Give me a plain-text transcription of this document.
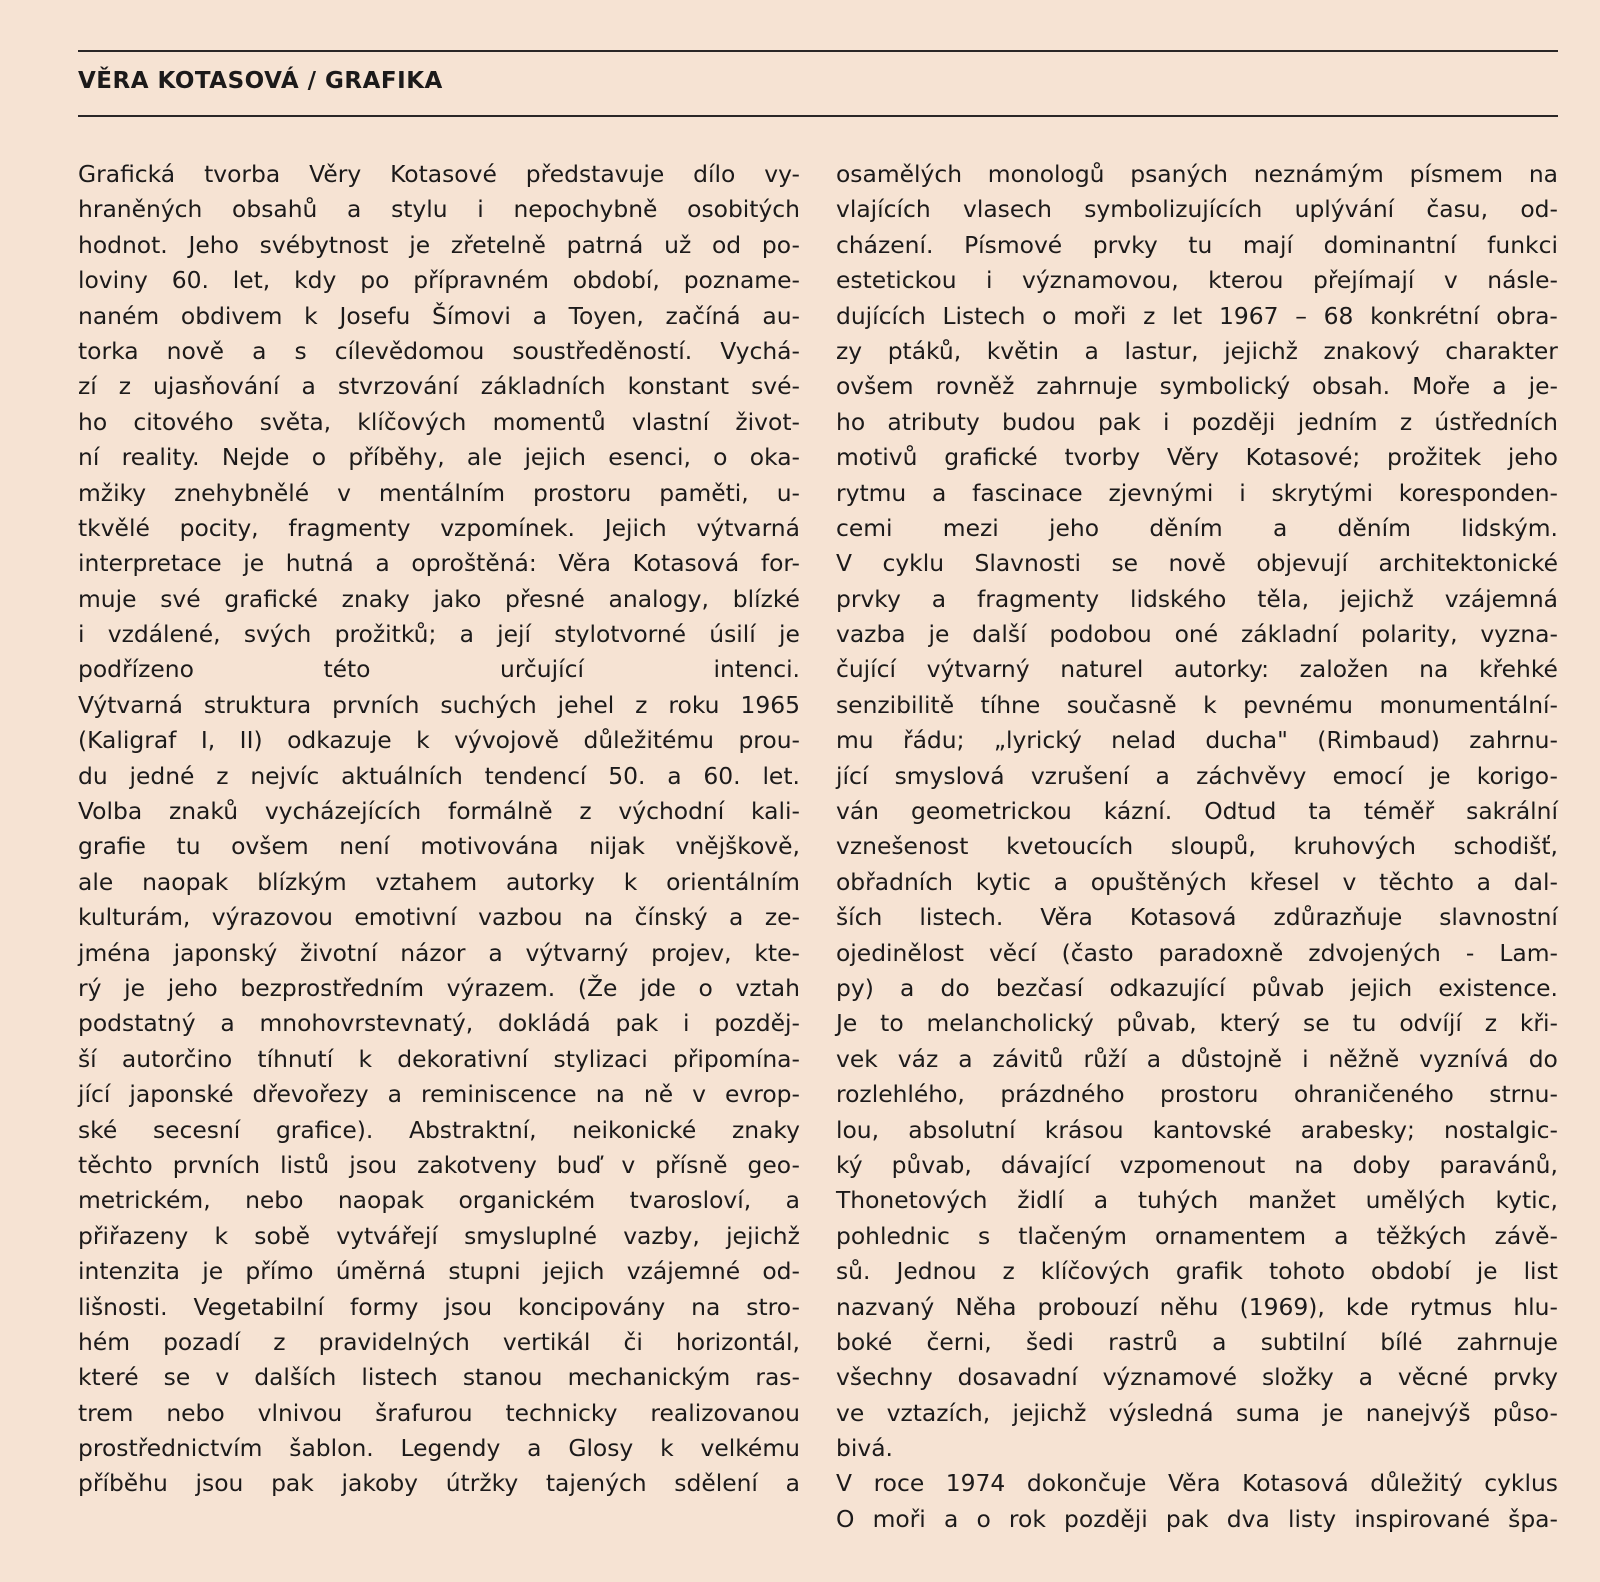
VĚRA KOTASOVÁ / GRAFIKA
Grafická tvorba Věry Kotasové představuje dílo vy-
hraněných obsahů a stylu i nepochybně osobitých
hodnot. Jeho svébytnost je zřetelně patrná už od po-
loviny 60. let, kdy po přípravném období, pozname-
naném obdivem k Josefu Šímovi a Toyen, začíná au-
torka nově a s cílevědomou soustředěností. Vychá-
zí z ujasňování a stvrzování základních konstant své-
ho citového světa, klíčových momentů vlastní život-
ní reality. Nejde o příběhy, ale jejich esenci, o oka-
mžiky znehybnělé v mentálním prostoru paměti, u-
tkvělé pocity, fragmenty vzpomínek. Jejich výtvarná
interpretace je hutná a oproštěná: Věra Kotasová for-
muje své grafické znaky jako přesné analogy, blízké
i vzdálené, svých prožitků; a její stylotvorné úsilí je
podřízeno této určující intenci.
Výtvarná struktura prvních suchých jehel z roku 1965
(Kaligraf I, II) odkazuje k vývojově důležitému prou-
du jedné z nejvíc aktuálních tendencí 50. a 60. let.
Volba znaků vycházejících formálně z východní kali-
grafie tu ovšem není motivována nijak vnějškově,
ale naopak blízkým vztahem autorky k orientálním
kulturám, výrazovou emotivní vazbou na čínský a ze-
jména japonský životní názor a výtvarný projev, kte-
rý je jeho bezprostředním výrazem. (Že jde o vztah
podstatný a mnohovrstevnatý, dokládá pak i pozděj-
ší autorčino tíhnutí k dekorativní stylizaci připomína-
jící japonské dřevořezy a reminiscence na ně v evrop-
ské secesní grafice). Abstraktní, neikonické znaky
těchto prvních listů jsou zakotveny buď v přísně geo-
metrickém, nebo naopak organickém tvarosloví, a
přiřazeny k sobě vytvářejí smysluplné vazby, jejichž
intenzita je přímo úměrná stupni jejich vzájemné od-
lišnosti. Vegetabilní formy jsou koncipovány na stro-
hém pozadí z pravidelných vertikál či horizontál,
které se v dalších listech stanou mechanickým ras-
trem nebo vlnivou šrafurou technicky realizovanou
prostřednictvím šablon. Legendy a Glosy k velkému
příběhu jsou pak jakoby útržky tajených sdělení a
osamělých monologů psaných neznámým písmem na
vlajících vlasech symbolizujících uplývání času, od-
cházení. Písmové prvky tu mají dominantní funkci
estetickou i významovou, kterou přejímají v násle-
dujících Listech o moři z let 1967 – 68 konkrétní obra-
zy ptáků, květin a lastur, jejichž znakový charakter
ovšem rovněž zahrnuje symbolický obsah. Moře a je-
ho atributy budou pak i později jedním z ústředních
motivů grafické tvorby Věry Kotasové; prožitek jeho
rytmu a fascinace zjevnými i skrytými koresponden-
cemi mezi jeho děním a děním lidským.
V cyklu Slavnosti se nově objevují architektonické
prvky a fragmenty lidského těla, jejichž vzájemná
vazba je další podobou oné základní polarity, vyzna-
čující výtvarný naturel autorky: založen na křehké
senzibilitě tíhne současně k pevnému monumentální-
mu řádu; „lyrický nelad ducha" (Rimbaud) zahrnu-
jící smyslová vzrušení a záchvěvy emocí je korigo-
ván geometrickou kázní. Odtud ta téměř sakrální
vznešenost kvetoucích sloupů, kruhových schodišť,
obřadních kytic a opuštěných křesel v těchto a dal-
ších listech. Věra Kotasová zdůrazňuje slavnostní
ojedinělost věcí (často paradoxně zdvojených - Lam-
py) a do bezčasí odkazující půvab jejich existence.
Je to melancholický půvab, který se tu odvíjí z kři-
vek váz a závitů růží a důstojně i něžně vyznívá do
rozlehlého, prázdného prostoru ohraničeného strnu-
lou, absolutní krásou kantovské arabesky; nostalgic-
ký půvab, dávající vzpomenout na doby paravánů,
Thonetových židlí a tuhých manžet umělých kytic,
pohlednic s tlačeným ornamentem a těžkých závě-
sů. Jednou z klíčových grafik tohoto období je list
nazvaný Něha probouzí něhu (1969), kde rytmus hlu-
boké černi, šedi rastrů a subtilní bílé zahrnuje
všechny dosavadní významové složky a věcné prvky
ve vztazích, jejichž výsledná suma je nanejvýš půso-
bivá.
V roce 1974 dokončuje Věra Kotasová důležitý cyklus
O moři a o rok později pak dva listy inspirované špa-
